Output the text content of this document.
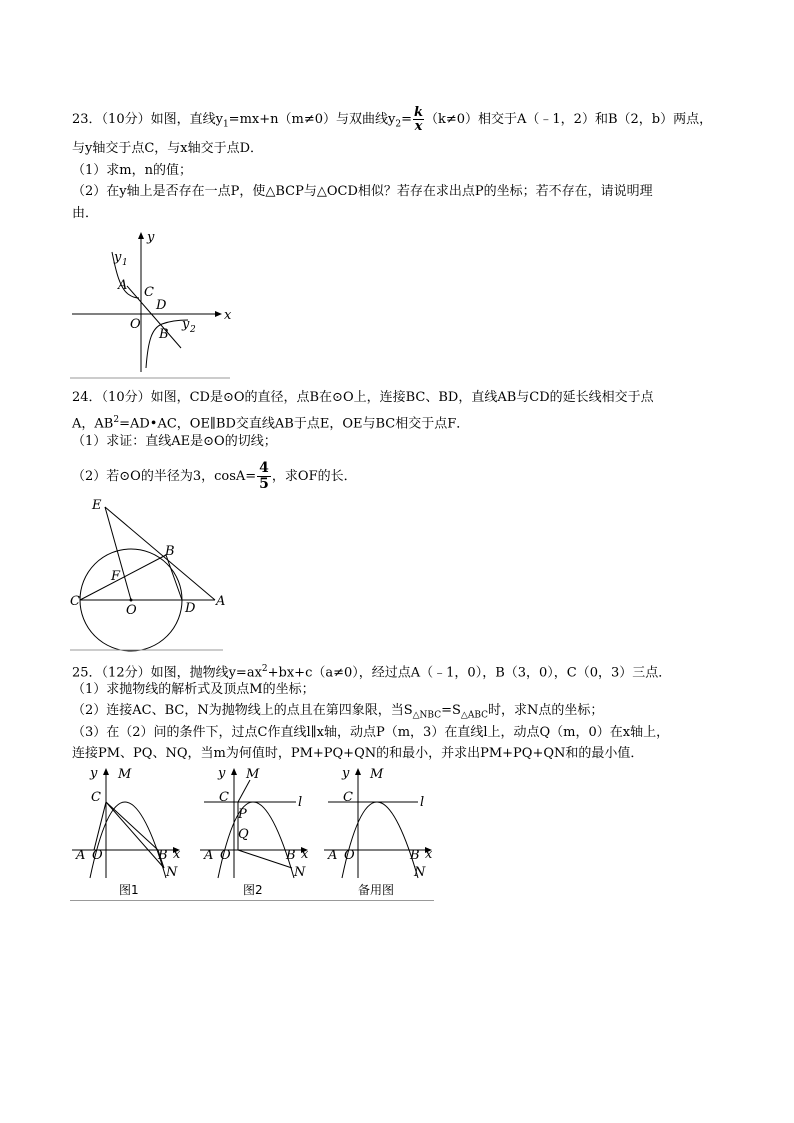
23．（10分）如图，直线$y_1=mx+n(m\ne 0)$与双曲线$y_2= \frac{k}{x} (k\ne 0)$相交于A（﹣1，2）和B（2，b）两点，
与y轴交于点C，与x轴交于点D．
（1）求m，n的值；
（2）在y轴上是否存在一点P，使△BCP与△OCD相似？若存在求出点P的坐标；若不存在，请说明理
由．
y
x
y 1
y 2
A C
D
O
B
24．（10分）如图，CD是⊙O的直径，点B在⊙O上，连接BC、BD，直线AB与CD的延长线相交于点
A，$AB^2=AD•AC$，OE∥BD交直线AB于点E，OE与BC相交于点F．
（1）求证：直线AE是⊙O的切线；
（2）若⊙O的半径为3，$\cos A= \frac{4}{5}$ ，求OF的长．
E
B
F
C
O	D A
25．（12分）如图，抛物线$y=ax^2+bx+c(a\ne 0)$，经过点A（﹣1，0），B（3，0），C（0，3）三点．
（1）求抛物线的解析式及顶点M的坐标；
（2）连接AC、BC，N为抛物线上的点且在第四象限，当$S_{\triangle NBC}=S_{\triangle ABC}$时，求N点的坐标；
（3）在（2）问的条件下，过点C作直线l∥x轴，动点P（m，3）在直线l上，动点Q（m，0）在x轴上，
连接PM、PQ、NQ，当m为何值时，PM+PQ+QN的和最小，并求出PM+PQ+QN和的最小值．
y M
C
A O	B x
N
图1
y M
C	l
P
Q
A O	B x
N
图2
y M
C	l
A O	B x
N
备用图
